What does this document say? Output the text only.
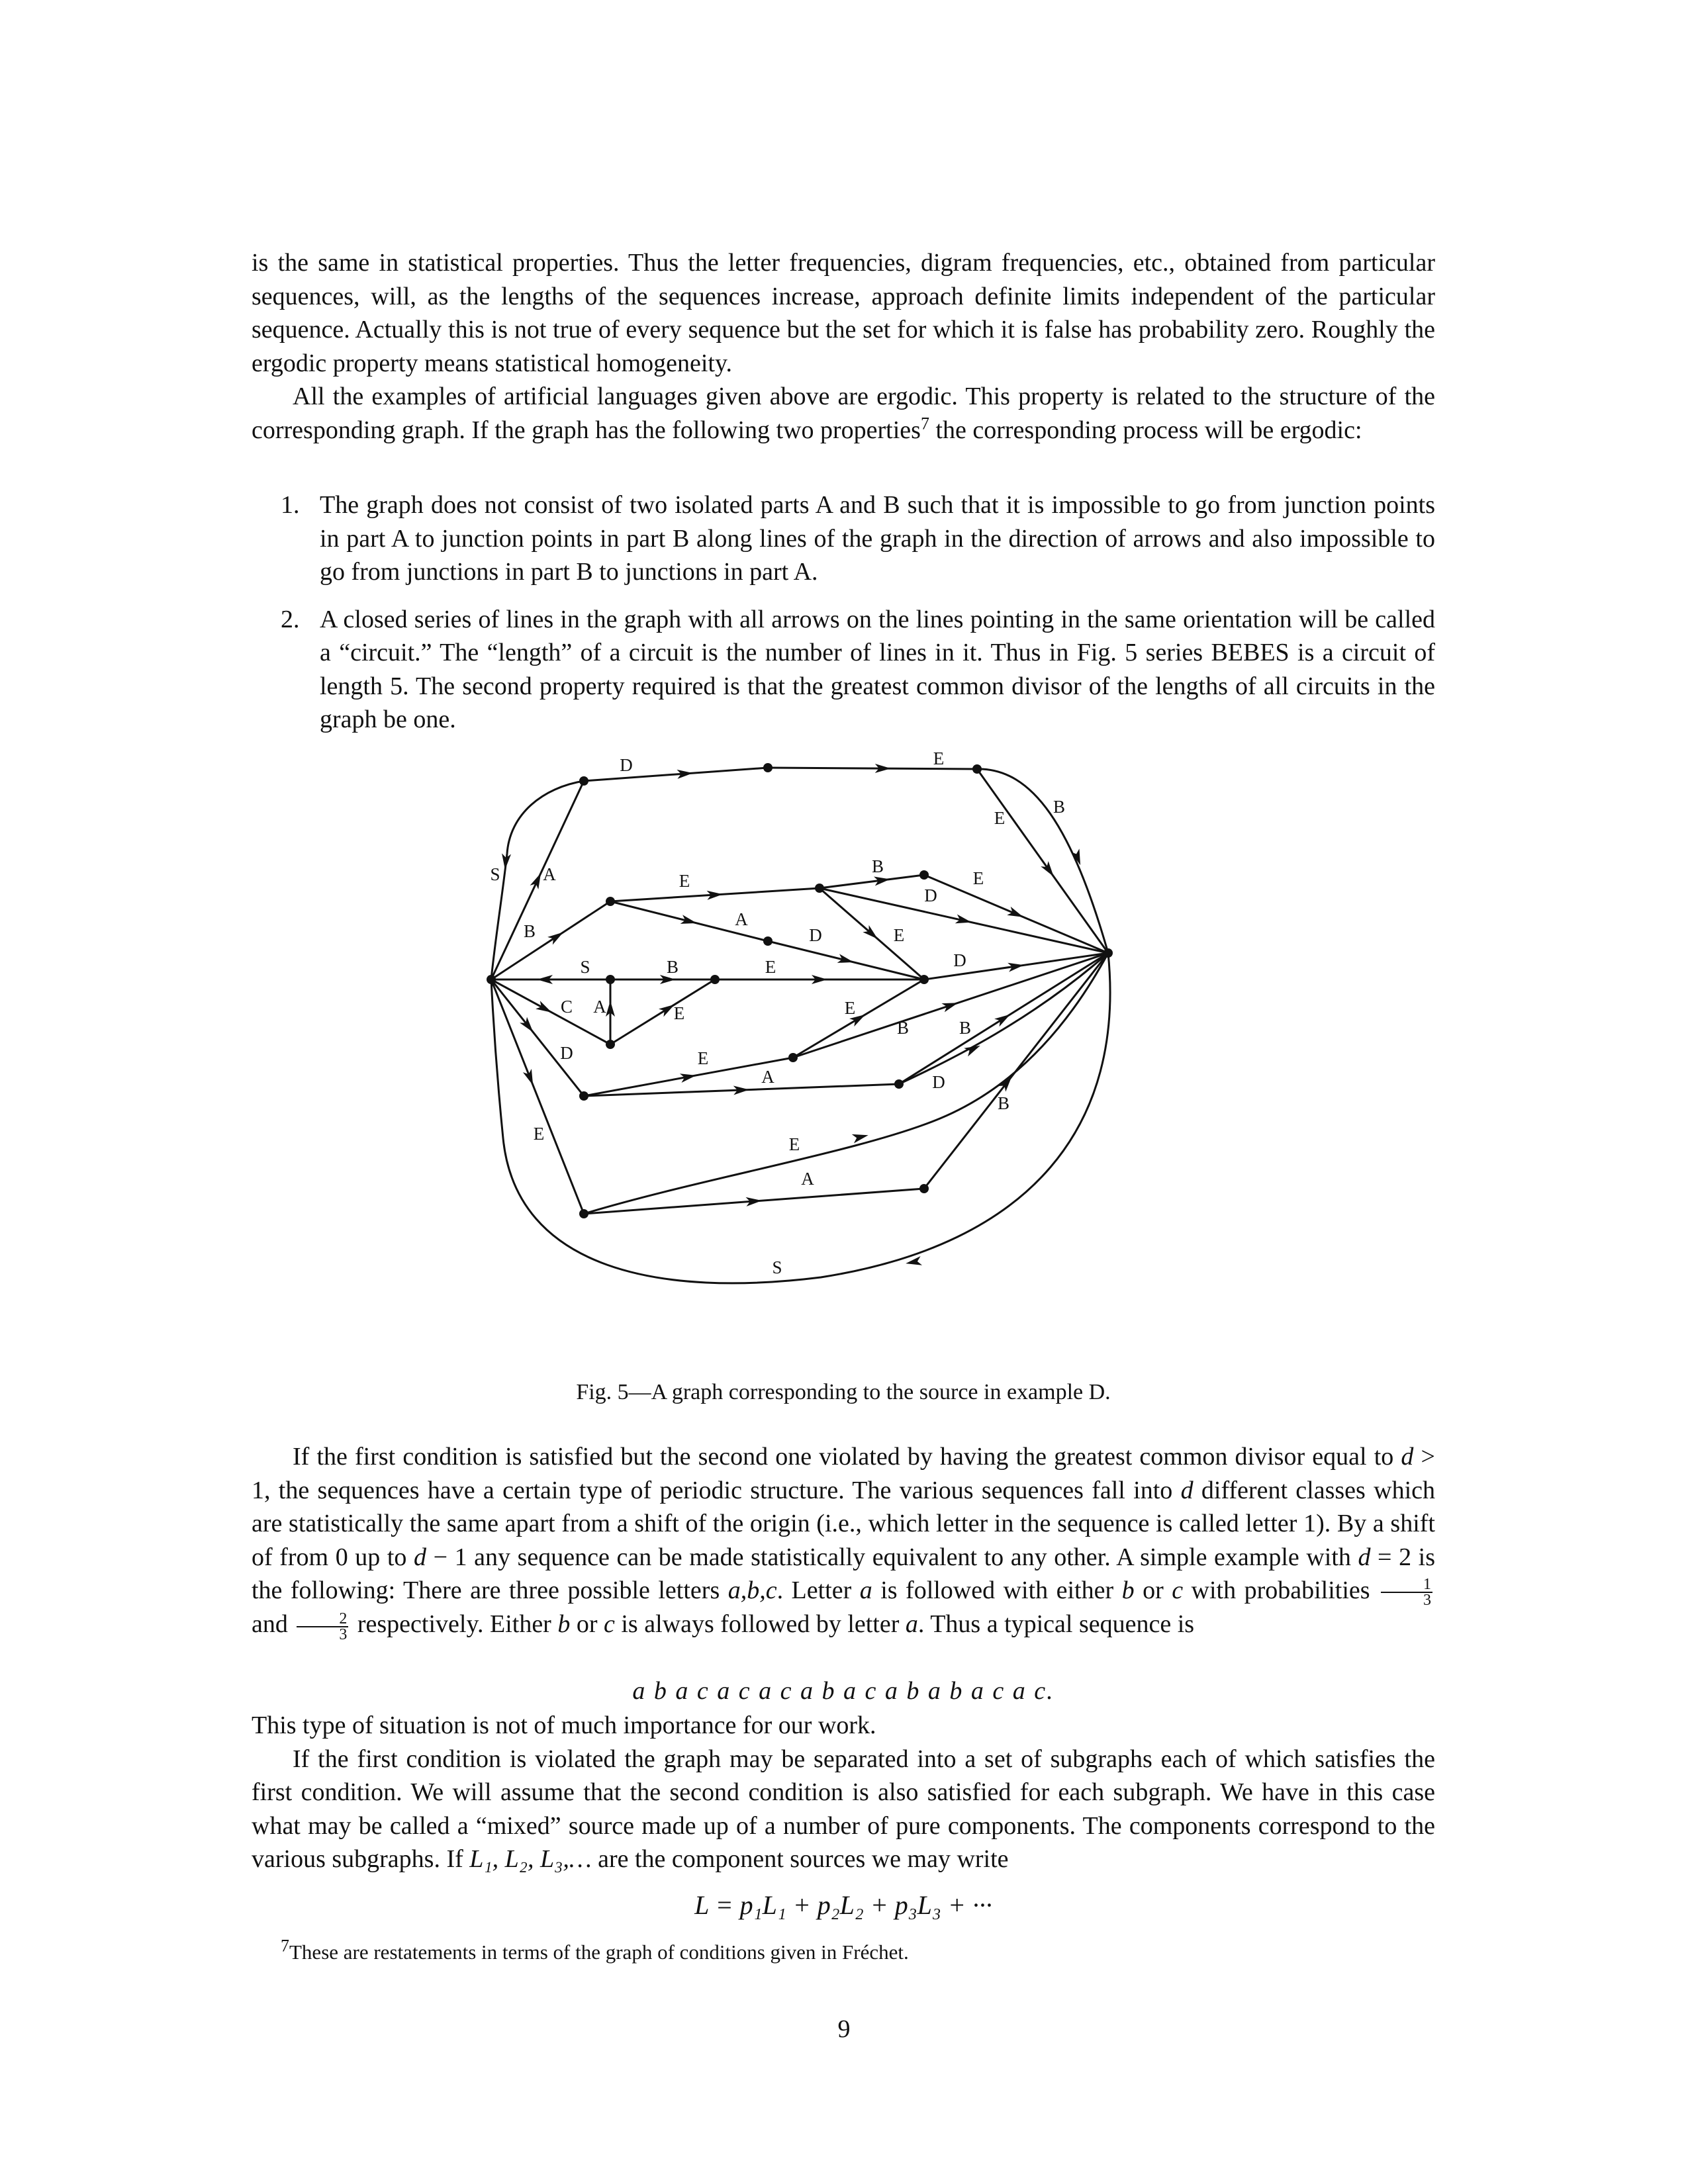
is the same in statistical properties. Thus the letter frequencies, digram frequencies, etc., obtained from particular sequences, will, as the lengths of the sequences increase, approach definite limits independent of the particular sequence. Actually this is not true of every sequence but the set for which it is false has probability zero. Roughly the ergodic property means statistical homogeneity.

All the examples of artificial languages given above are ergodic. This property is related to the structure of the corresponding graph. If the graph has the following two properties$^7$ the corresponding process will be ergodic:

1. The graph does not consist of two isolated parts A and B such that it is impossible to go from junction points in part A to junction points in part B along lines of the graph in the direction of arrows and also impossible to go from junctions in part B to junctions in part A.

2. A closed series of lines in the graph with all arrows on the lines pointing in the same orientation will be called a “circuit.” The “length” of a circuit is the number of lines in it. Thus in Fig. 5 series BEBES is a circuit of length 5. The second property required is that the greatest common divisor of the lengths of all circuits in the graph be one.

D	E
E
B
S A	E
B
E
D
A
D	E
B
S	B	E	D
C A	E	E
B	B
D	E
A	D
B
E
E
A
S
Fig. 5—A graph corresponding to the source in example D.

If the first condition is satisfied but the second one violated by having the greatest common divisor equal to d > 1, the sequences have a certain type of periodic structure. The various sequences fall into d different classes which are statistically the same apart from a shift of the origin (i.e., which letter in the sequence is called letter 1). By a shift of from 0 up to d − 1 any sequence can be made statistically equivalent to any other. A simple example with d = 2 is the following: There are three possible letters a,b,c. Letter a is followed with either b or c with probabilities $\frac{1}{3}$
and $\frac{2}{3}$ respectively. Either b or c is always followed by letter a. Thus a typical sequence is

a b a c a c a c a b a c a b a b a c a c.

This type of situation is not of much importance for our work.

If the first condition is violated the graph may be separated into a set of subgraphs each of which satisfies the first condition. We will assume that the second condition is also satisfied for each subgraph. We have in this case what may be called a “mixed” source made up of a number of pure components. The components correspond to the various subgraphs. If L₁, L₂, L₃,… are the component sources we may write

L = p₁L₁ + p₂L₂ + p₃L₃ + ···
$^7$These are restatements in terms of the graph of conditions given in Fréchet.
9
